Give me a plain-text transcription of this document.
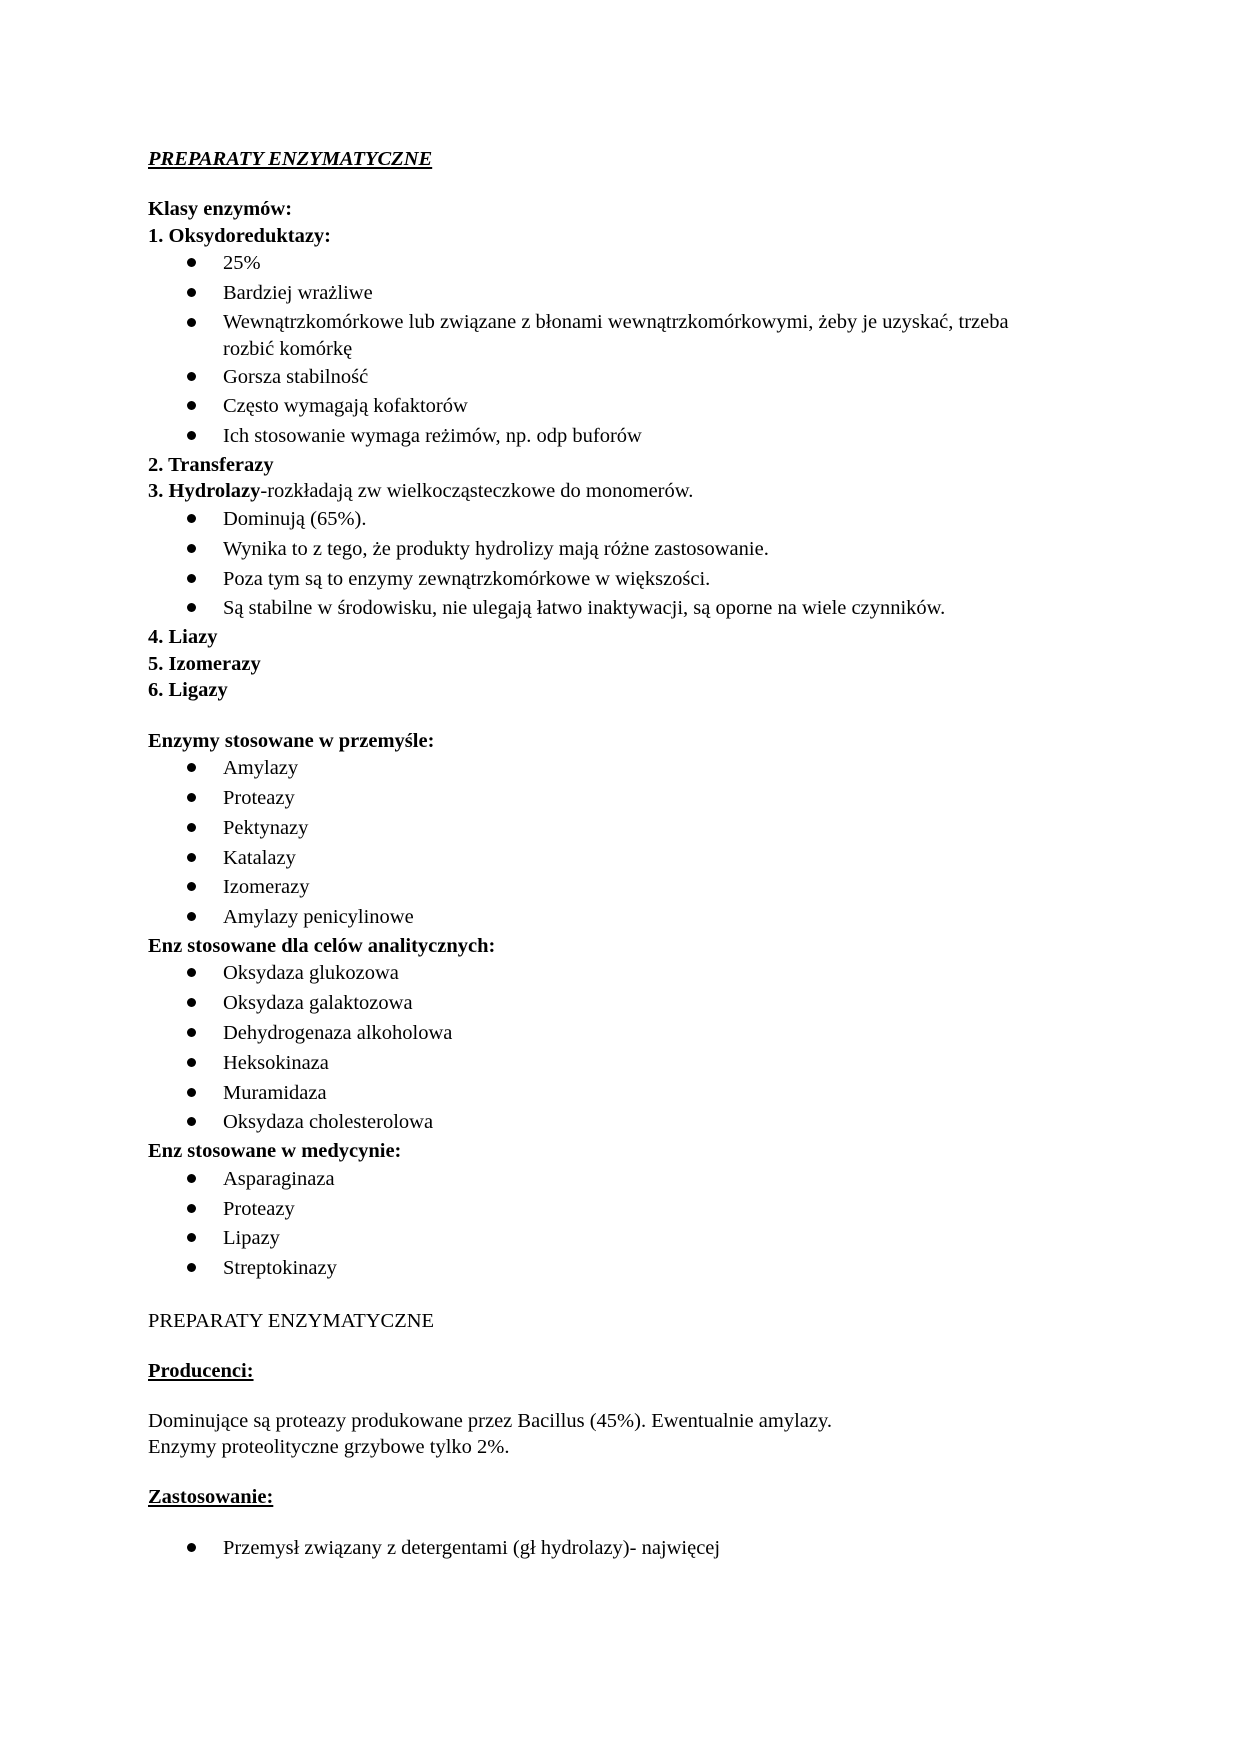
PREPARATY ENZYMATYCZNE
Klasy enzymów:
1. Oksydoreduktazy:
25%
Bardziej wrażliwe
Wewnątrzkomórkowe lub związane z błonami wewnątrzkomórkowymi, żeby je uzyskać, trzeba rozbić komórkę
Gorsza stabilność
Często wymagają kofaktorów
Ich stosowanie wymaga reżimów, np. odp buforów
2. Transferazy
3. Hydrolazy-rozkładają zw wielkocząsteczkowe do monomerów.
Dominują (65%).
Wynika to z tego, że produkty hydrolizy mają różne zastosowanie.
Poza tym są to enzymy zewnątrzkomórkowe w większości.
Są stabilne w środowisku, nie ulegają łatwo inaktywacji, są oporne na wiele czynników.
4. Liazy
5. Izomerazy
6. Ligazy
Enzymy stosowane w przemyśle:
Amylazy
Proteazy
Pektynazy
Katalazy
Izomerazy
Amylazy penicylinowe
Enz stosowane dla celów analitycznych:
Oksydaza glukozowa
Oksydaza galaktozowa
Dehydrogenaza alkoholowa
Heksokinaza
Muramidaza
Oksydaza cholesterolowa
Enz stosowane w medycynie:
Asparaginaza
Proteazy
Lipazy
Streptokinazy
PREPARATY ENZYMATYCZNE
Producenci:
Dominujące są proteazy produkowane przez Bacillus (45%). Ewentualnie amylazy.
Enzymy proteolityczne grzybowe tylko 2%.
Zastosowanie:
Przemysł związany z detergentami (gł hydrolazy)- najwięcej
